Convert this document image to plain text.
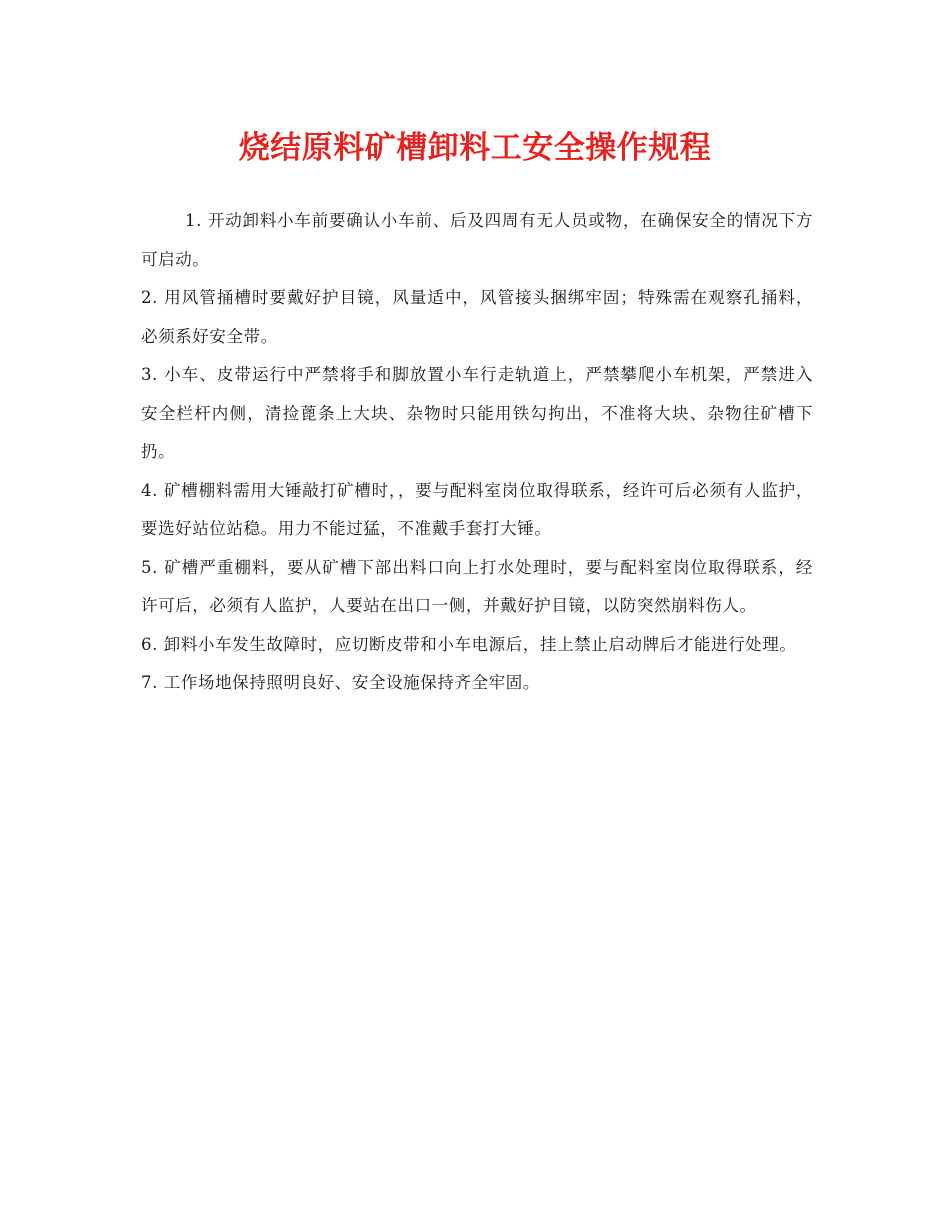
烧结原料矿槽卸料工安全操作规程

1. 开动卸料小车前要确认小车前、后及四周有无人员或物，在确保安全的情况下方可启动。

2. 用风管捅槽时要戴好护目镜，风量适中，风管接头捆绑牢固；特殊需在观察孔捅料，必须系好安全带。

3. 小车、皮带运行中严禁将手和脚放置小车行走轨道上，严禁攀爬小车机架，严禁进入安全栏杆内侧，清捡蓖条上大块、杂物时只能用铁勾拘出，不准将大块、杂物往矿槽下扔。

4. 矿槽棚料需用大锤敲打矿槽时，，要与配料室岗位取得联系，经许可后必须有人监护，要选好站位站稳。用力不能过猛，不准戴手套打大锤。

5. 矿槽严重棚料，要从矿槽下部出料口向上打水处理时，要与配料室岗位取得联系，经许可后，必须有人监护，人要站在出口一侧，并戴好护目镜，以防突然崩料伤人。

6. 卸料小车发生故障时，应切断皮带和小车电源后，挂上禁止启动牌后才能进行处理。

7. 工作场地保持照明良好、安全设施保持齐全牢固。
